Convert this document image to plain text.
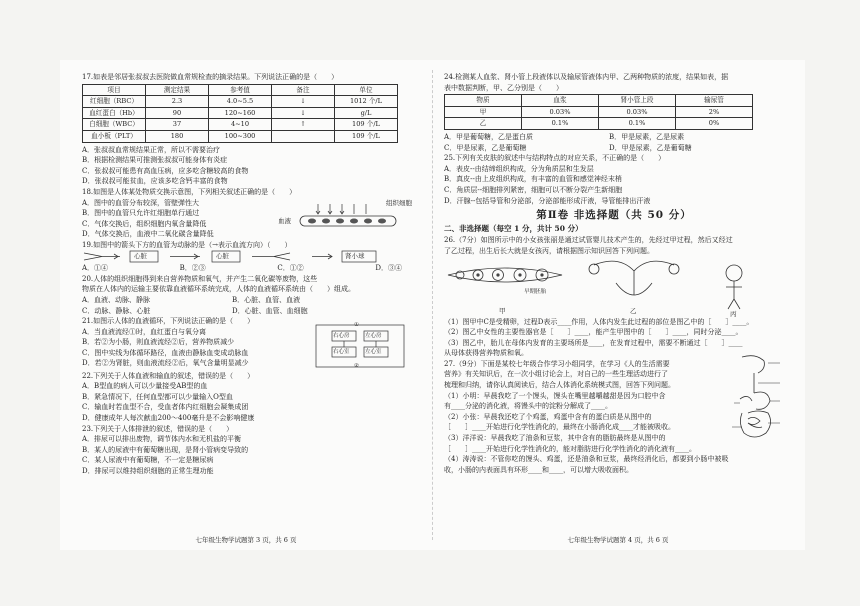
17.如表是邻居张叔叔去医院做血常规检查的摘录结果。下列说法正确的是（　　）

项目	测定结果	参考值	备注	单位
红细胞（RBC）	2.3	4.0~5.5	↓	1012 个/L
血红蛋白（Hb）	90	120~160	↓	g/L
白细胞（WBC）	37	4~10	↑	109 个/L
血小板（PLT）	180	100~300		109 个/L

A．张叔叔血常规结果正常，所以不需要治疗

B．根据检测结果可推测张叔叔可能身体有炎症

C．张叔叔可能患有高血压病，应多吃含糖较高的食物

D．张叔叔可能贫血，应该多吃含钙丰富的食物

18.如图是人体某处物质交换示意图，下列相关叙述正确的是（　　）

A．图中的血管分布较深，管壁弹性大

B．图中的血管只允许红细胞单行通过

C．气体交换后，组织细胞内氧含量降低

D．气体交换后，血液中二氧化碳含量降低

血液
组织细胞

19.如图中的箭头下方的血管为动脉的是（→表示血流方向）（　　）

心脏	心脏	肾小球
A．①④	B．②③	C．①②	D．③④

20.人体的组织细胞得到来自营养物质和氧气，并产生二氧化碳等废物，这些

物质在人体内的运输主要依靠血液循环系统完成，人体的血液循环系统由（　　）组成。

A．血液、动脉、静脉	B．心脏、血管、血液
C．动脉、静脉、心脏	D．心脏、血管、血细胞

21.如图示人体的血液循环，下列说法正确的是（　　）

A．当血液流经①时，血红蛋白与氧分离

B．若②为小肠，则血液流经②后，营养物质减少

C．图中实线为体循环路径，血液由静脉血变成动脉血

D．若②为肾脏，则血液流经②后，氧气含量明显减少

右心房	左心房
右心室	左心室
①
②

22.下列关于人体血液和输血的叙述，错误的是（　　）

A．B型血的病人可以少量接受AB型的血

B．紧急情况下，任何血型都可以少量输入O型血

C．输血时若血型不合，受血者体内红细胞会凝集成团

D．健康成年人每次献血200～400毫升是不会影响健康

23.下列关于人体排泄的叙述，错误的是（　　）

A．排尿可以排出废物，调节体内水和无机盐的平衡

B．某人的尿液中有葡萄糖出现，是肾小管病变导致的

C．某人尿液中有葡萄糖，不一定是糖尿病

D．排尿可以维持组织细胞的正常生理功能

七年级生物学试题第 3 页，共 6 页

24.检测某人血浆、肾小管上段液体以及输尿管液体内甲、乙两种物质的浓度，结果如表，据

表中数据判断，甲、乙分别是（　　）

物质	血浆	肾小管上段	输尿管
甲	0.03%	0.03%	2%
乙	0.1%	0.1%	0%
A．甲是葡萄糖，乙是蛋白质	B．甲是尿素，乙是尿素
C．甲是尿素，乙是葡萄糖	D．甲是尿素，乙是葡萄糖

25.下列有关皮肤的叙述中与结构特点的对应关系，不正确的是（　　）

A．表皮--由结缔组织构成，分为角质层和生发层

B．真皮--由上皮组织构成，有丰富的血管和感觉神经末梢

C．角质层--细胞排列紧密，细胞可以不断分裂产生新细胞

D．汗腺--包括导管和分泌部，分泌部能形成汗液，导管能排出汗液

第Ⅱ卷 非选择题（共 50 分）

二、非选择题（每空 1 分，共计 50 分）

26.（7分）如图所示中的小女孩张丽是通过试管婴儿技术产生的，先经过甲过程，然后又经过

了乙过程，出生后长大就是女孩丙，请根据图示知识回答下列问题。

早期胚胎
甲	乙	丙

（1）图甲中C是受精卵，过程D表示____作用，人体内发生此过程的部位是图乙中的［　　］____。

（2）图乙中女性的主要性器官是［　　］____，能产生甲图中的［　　］____，同时分泌____。

（3）图乙中，胎儿在母体内发育的主要场所是____，在发育过程中，需要不断通过［　　］____

从母体获得营养物质和氧。

27.（9分）下面是某校七年级合作学习小组同学，在学习《人的生活需要

营养》有关知识后，在一次小组讨论会上，对自己的一些生理活动进行了

梳理和归纳，请你认真阅读后，结合人体消化系统模式图，回答下列问题。

（1）小明：早晨我吃了一个馒头，馒头在嘴里越嚼越甜是因为口腔中含

有____分泌的消化液，将馒头中的淀粉分解成了____。

（2）小张：早晨我还吃了个鸡蛋，鸡蛋中含有的蛋白质是从图中的

［　　］____开始进行化学性消化的，最终在小肠消化成____才能被吸收。

（3）洋洋说：早晨我吃了油条和豆浆，其中含有的脂肪最终是从图中的

［　　］____开始进行化学性消化的，能对脂肪进行化学性消化的消化液有____。

（4）涛涛说：不管你吃的馒头、鸡蛋，还是油条和豆浆，最终经消化后，都要到小肠中被吸

收，小肠的内表面具有环形____和____，可以增大吸收面积。

七年级生物学试题第 4 页，共 6 页
